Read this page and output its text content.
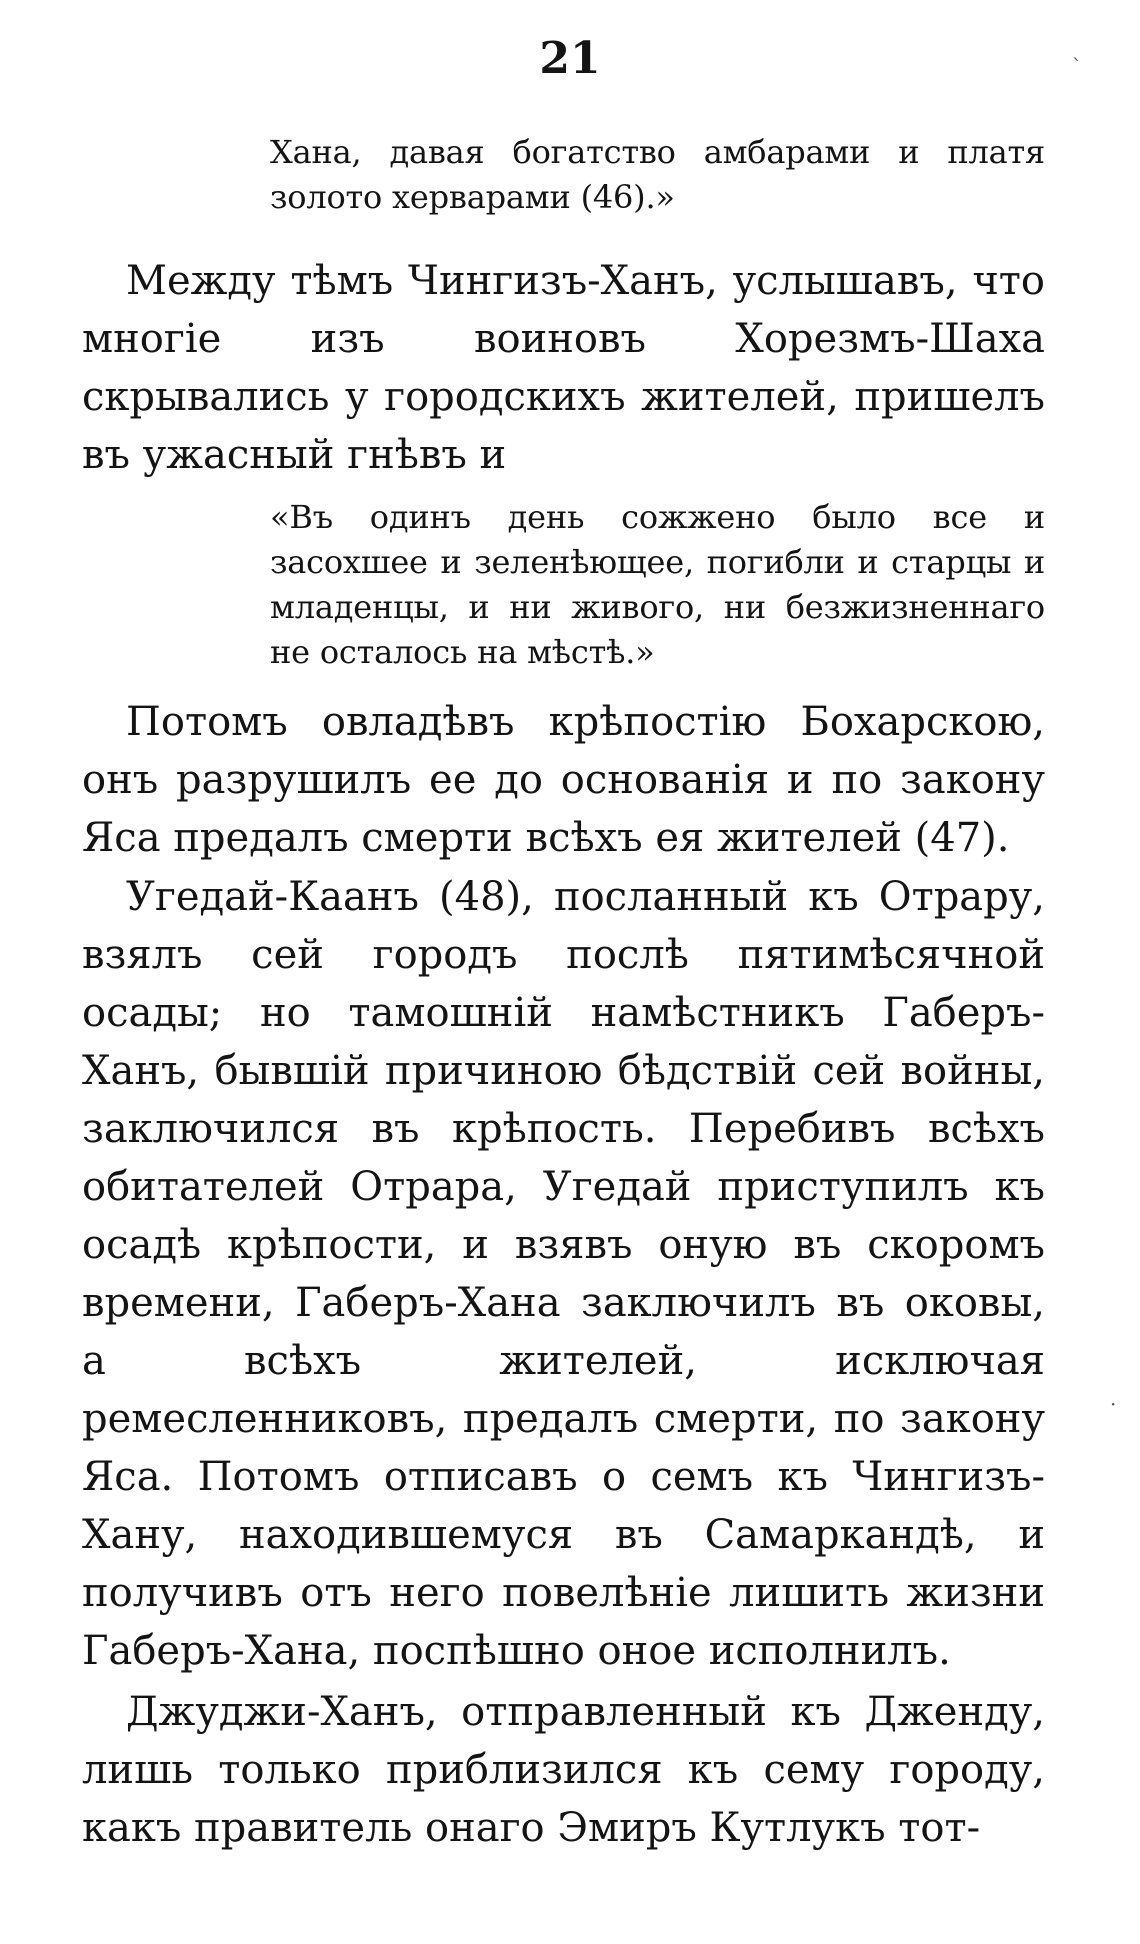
21
Хана, давая богатство амбарами и платя золото херварами (46).»
Между тѣмъ Чингизъ-Ханъ, услышавъ, что многіе изъ воиновъ Хорезмъ-Шаха скрывались у городскихъ жителей, пришелъ въ ужасный гнѣвъ и
«Въ одинъ день сожжено было все и засохшее и зеленѣющее, погибли и старцы и младенцы, и ни живого, ни безжизненнаго не осталось на мѣстѣ.»
Потомъ овладѣвъ крѣпостію Бохарскою, онъ разрушилъ ее до основанія и по закону Яса предалъ смерти всѣхъ ея жителей (47).
Угедай-Каанъ (48), посланный къ Отрару, взялъ сей городъ послѣ пятимѣсячной осады; но тамошній намѣстникъ Габеръ-Ханъ, бывшій причиною бѣдствій сей войны, заключился въ крѣпость. Перебивъ всѣхъ обитателей Отрара, Угедай приступилъ къ осадѣ крѣпости, и взявъ оную въ скоромъ времени, Габеръ-Хана заключилъ въ оковы, а всѣхъ жителей, исключая ремесленниковъ, предалъ смерти, по закону Яса. Потомъ отписавъ о семъ къ Чингизъ-Хану, находившемуся въ Самаркандѣ, и получивъ отъ него повелѣніе лишить жизни Габеръ-Хана, поспѣшно оное исполнилъ.
Джуджи-Ханъ, отправленный къ Дженду, лишь только приблизился къ сему городу, какъ правитель онаго Эмиръ Кутлукъ тот-
ˋ
·
